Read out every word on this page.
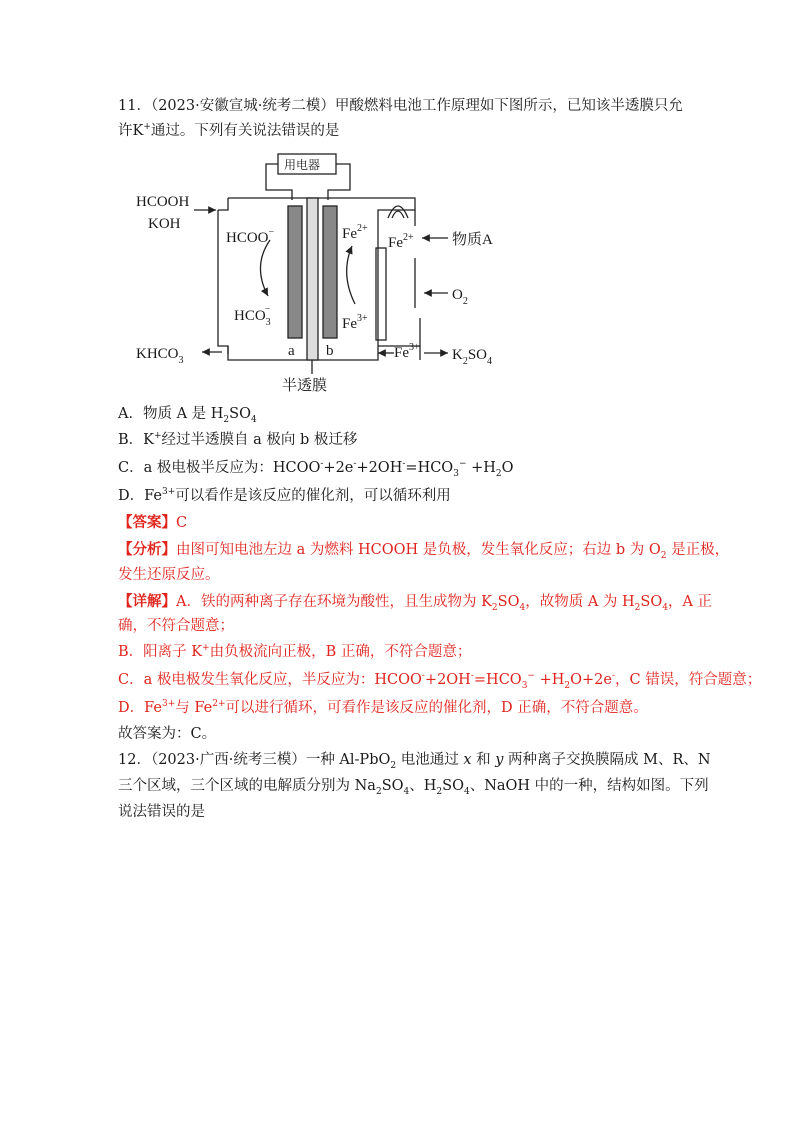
11．（2023·安徽宣城·统考二模）甲酸燃料电池工作原理如下图所示，已知该半透膜只允
许K+通过。下列有关说法错误的是
用电器
HCOOH
KOH
HCOO−
$HCO_3-$
$Fe^{2+}$
$Fe^{3+}$
$Fe^{2+}$
$Fe^{3+}$
物质A
$O_2$
$KHCO_3$	$K_2SO_4$
a b
半透膜
A．物质 A 是 $H_2SO_4$
B．K+经过半透膜自 a 极向 b 极迁移
C．a 极电极半反应为：$HCOO^-+2e^-+2OH^-=HCO_3^- +H_2O$
D．$Fe^{3+}$可以看作是该反应的催化剂，可以循环利用
【答案】C
【分析】由图可知电池左边 a 为燃料 HCOOH 是负极，发生氧化反应；右边 b 为 $O_2$ 是正极，
发生还原反应。
【详解】A．铁的两种离子存在环境为酸性，且生成物为 $K_2SO_4$，故物质 A 为 $H_2SO_4$，A 正
确，不符合题意；
B．阳离子 K+由负极流向正极，B 正确，不符合题意；
C．a 极电极发生氧化反应，半反应为：$HCOO^-+2OH^-=HCO_3^- +H_2O+2e^-$，C 错误，符合题意；
D．$Fe^{3+}$与 $Fe^{2+}$可以进行循环，可看作是该反应的催化剂，D 正确，不符合题意。
故答案为：C。
12．（2023·广西·统考三模）一种 Al-PbO$_2$ 电池通过 x 和 y 两种离子交换膜隔成 M、R、N
三个区域，三个区域的电解质分别为 $Na_2SO_4$、$H_2SO_4$、NaOH 中的一种，结构如图。下列
说法错误的是
